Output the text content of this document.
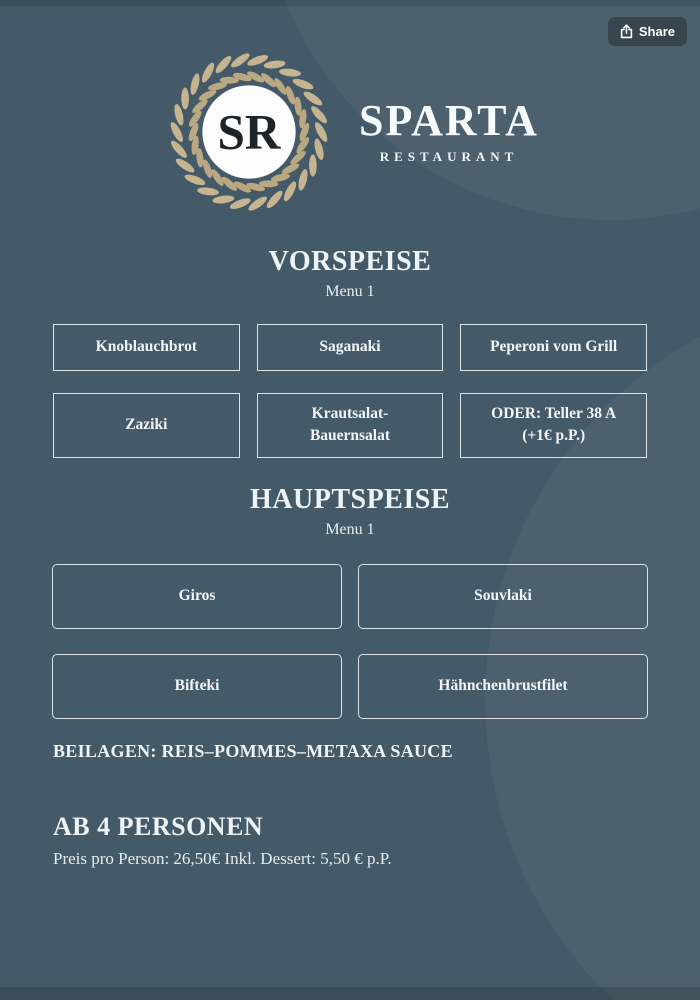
Share
SR SPARTA
RESTAURANT
VORSPEISE
Menu 1
Knoblauchbrot	Saganaki	Peperoni vom Grill
Zaziki
Krautsalat-Bauernsalat
ODER: Teller 38 A (+1€ p.P.)
HAUPTSPEISE
Menu 1
Giros	Souvlaki
Bifteki	Hähnchenbrustfilet
BEILAGEN: REIS–POMMES–METAXA SAUCE
AB 4 PERSONEN
Preis pro Person: 26,50€ Inkl. Dessert: 5,50 € p.P.
